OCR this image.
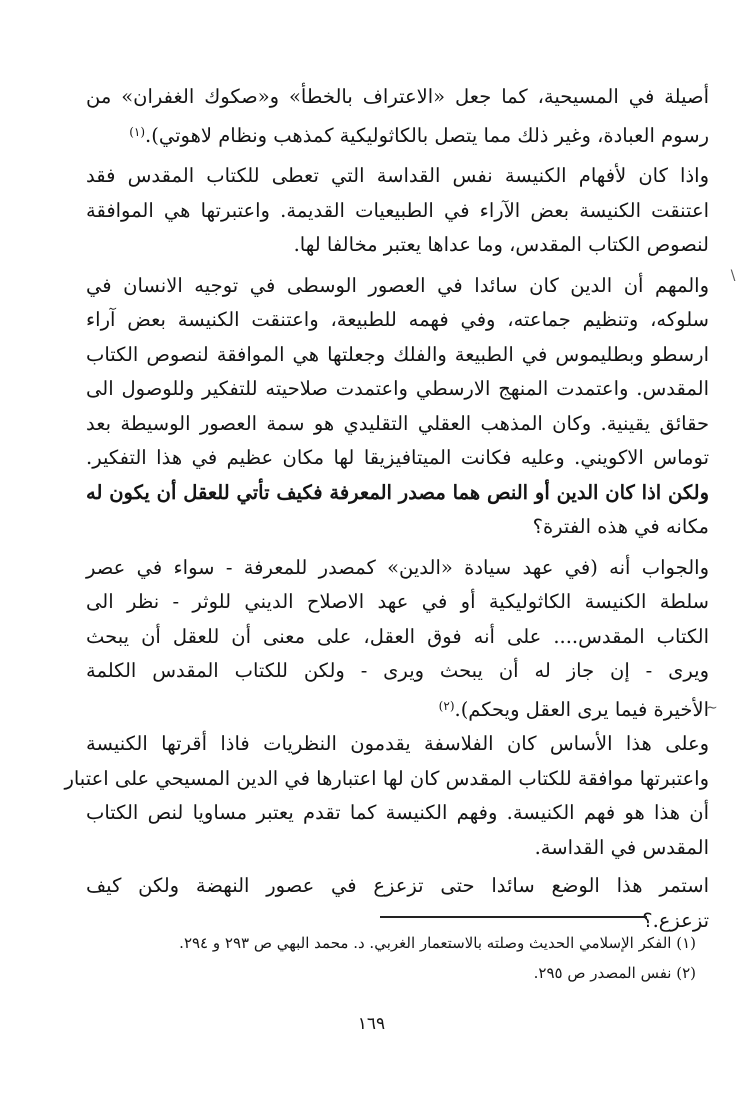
أصيلة في المسيحية، كما جعل «الاعتراف بالخطأ» و«صكوك الغفران» من
رسوم العبادة، وغير ذلك مما يتصل بالكاثوليكية كمذهب ونظام لاهوتي).$^{(١)}$
واذا كان لأفهام الكنيسة نفس القداسة التي تعطى للكتاب المقدس فقد
اعتنقت الكنيسة بعض الآراء في الطبيعيات القديمة. واعتبرتها هي الموافقة
لنصوص الكتاب المقدس، وما عداها يعتبر مخالفا لها.
والمهم أن الدين كان سائدا في العصور الوسطى في توجيه الانسان في
سلوكه، وتنظيم جماعته، وفي فهمه للطبيعة، واعتنقت الكنيسة بعض آراء
ارسطو وبطليموس في الطبيعة والفلك وجعلتها هي الموافقة لنصوص الكتاب
المقدس. واعتمدت المنهج الارسطي واعتمدت صلاحيته للتفكير وللوصول الى
حقائق يقينية. وكان المذهب العقلي التقليدي هو سمة العصور الوسيطة بعد
توماس الاكويني. وعليه فكانت الميتافيزيقا لها مكان عظيم في هذا التفكير.
ولكن اذا كان الدين أو النص هما مصدر المعرفة فكيف تأتي للعقل أن يكون له
مكانه في هذه الفترة؟
والجواب أنه (في عهد سيادة «الدين» كمصدر للمعرفة - سواء في عصر
سلطة الكنيسة الكاثوليكية أو في عهد الاصلاح الديني للوثر - نظر الى
الكتاب المقدس.... على أنه فوق العقل، على معنى أن للعقل أن يبحث
ويرى - إن جاز له أن يبحث ويرى - ولكن للكتاب المقدس الكلمة
الأخيرة فيما يرى العقل ويحكم).$^{(٢)}$
وعلى هذا الأساس كان الفلاسفة يقدمون النظريات فاذا أقرتها الكنيسة
واعتبرتها موافقة للكتاب المقدس كان لها اعتبارها في الدين المسيحي على اعتبار
أن هذا هو فهم الكنيسة. وفهم الكنيسة كما تقدم يعتبر مساويا لنص الكتاب
المقدس في القداسة.
استمر هذا الوضع سائدا حتى تزعزع في عصور النهضة ولكن كيف
تزعزع.؟
∖
∼
(١) الفكر الإسلامي الحديث وصلته بالاستعمار الغربي. د. محمد البهي ص ٢٩٣ و ٢٩٤.
(٢) نفس المصدر ص ٢٩٥.
١٦٩
